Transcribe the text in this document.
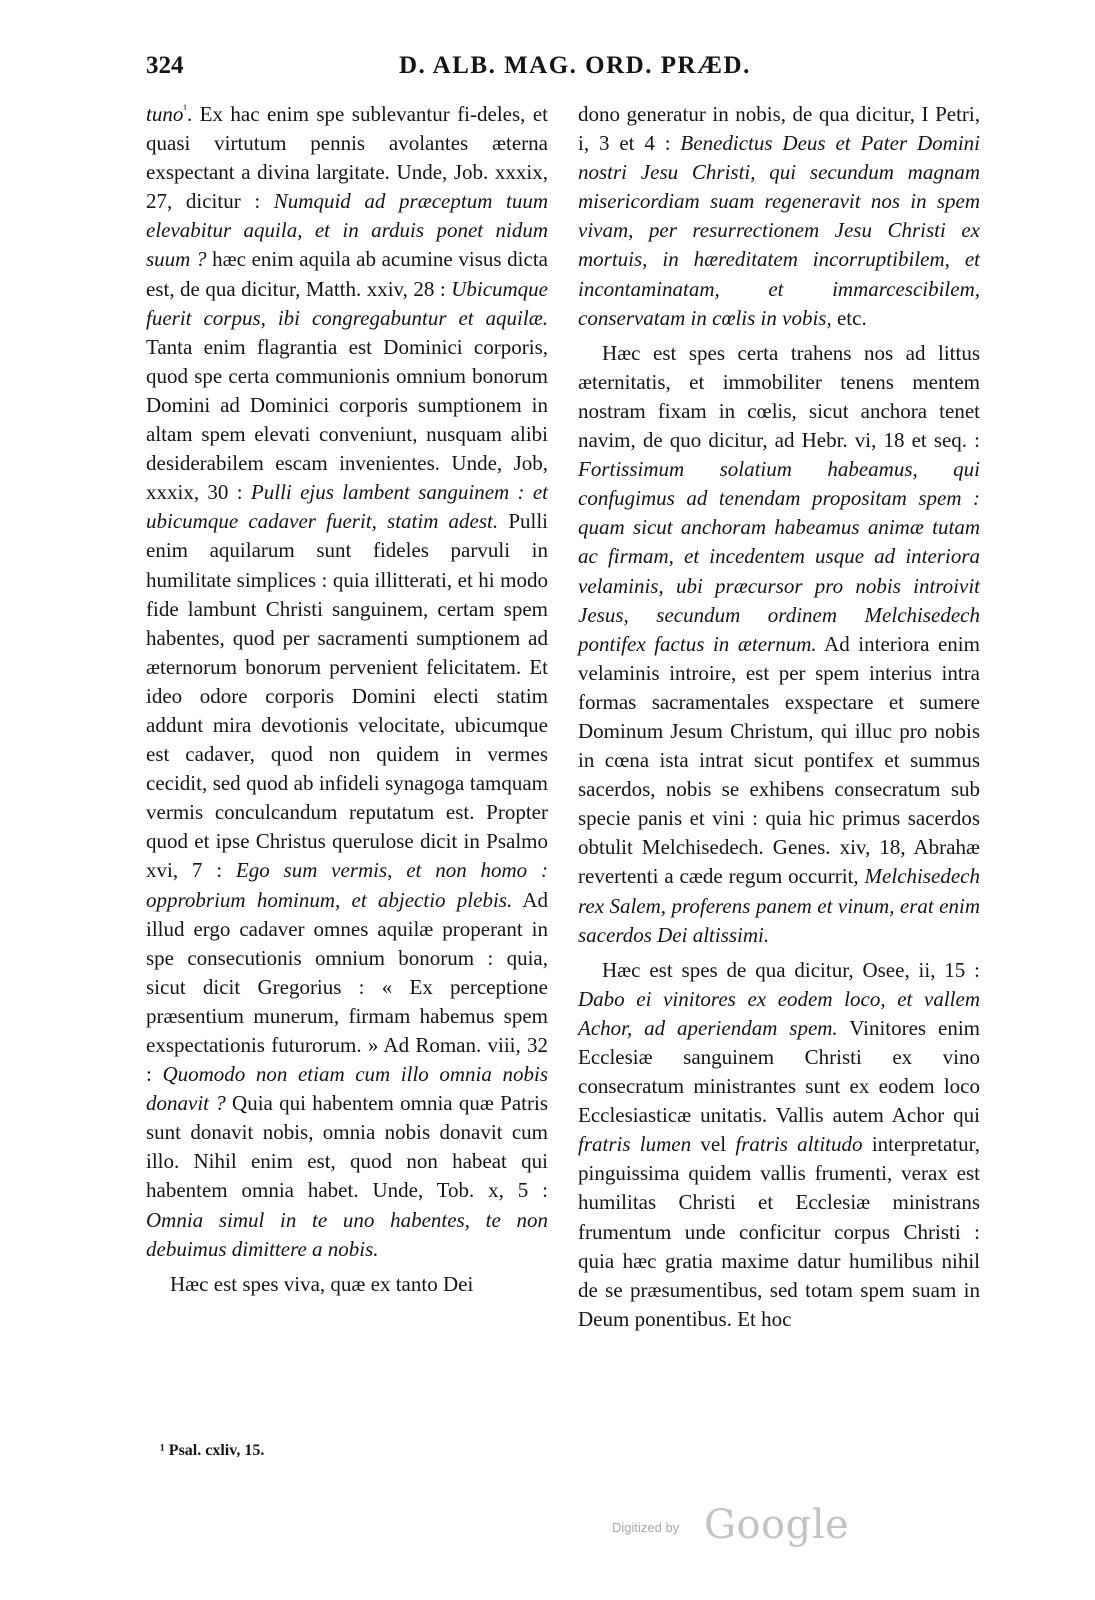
324	D. ALB. MAG. ORD. PRÆD.

tuno$^{^1}$. Ex hac enim spe sublevantur fi-deles, et quasi virtutum pennis avolantes æterna exspectant a divina largitate. Unde, Job. xxxix, 27, dicitur : Numquid ad præceptum tuum elevabitur aquila, et in arduis ponet nidum suum ? hæc enim aquila ab acumine visus dicta est, de qua dicitur, Matth. xxiv, 28 : Ubicumque fuerit corpus, ibi congregabuntur et aquilæ. Tanta enim flagrantia est Dominici corporis, quod spe certa communionis omnium bonorum Domini ad Dominici corporis sumptionem in altam spem elevati conveniunt, nusquam alibi desiderabilem escam invenientes. Unde, Job, xxxix, 30 : Pulli ejus lambent sanguinem : et ubicumque cadaver fuerit, statim adest. Pulli enim aquilarum sunt fideles parvuli in humilitate simplices : quia illitterati, et hi modo fide lambunt Christi sanguinem, certam spem habentes, quod per sacramenti sumptionem ad æternorum bonorum pervenient felicitatem. Et ideo odore corporis Domini electi statim addunt mira devotionis velocitate, ubicumque est cadaver, quod non quidem in vermes cecidit, sed quod ab infideli synagoga tamquam vermis conculcandum reputatum est. Propter quod et ipse Christus querulose dicit in Psalmo xvi, 7 : Ego sum vermis, et non homo : opprobrium hominum, et abjectio plebis. Ad illud ergo cadaver omnes aquilæ properant in spe consecutionis omnium bonorum : quia, sicut dicit Gregorius : « Ex perceptione præsentium munerum, firmam habemus spem exspectationis futurorum. » Ad Roman. viii, 32 : Quomodo non etiam cum illo omnia nobis donavit ? Quia qui habentem omnia quæ Patris sunt donavit nobis, omnia nobis donavit cum illo. Nihil enim est, quod non habeat qui habentem omnia habet. Unde, Tob. x, 5 : Omnia simul in te uno habentes, te non debuimus dimittere a nobis.

Hæc est spes viva, quæ ex tanto Dei

dono generatur in nobis, de qua dicitur, I Petri, i, 3 et 4 : Benedictus Deus et Pater Domini nostri Jesu Christi, qui secundum magnam misericordiam suam regeneravit nos in spem vivam, per resurrectionem Jesu Christi ex mortuis, in hæreditatem incorruptibilem, et incontaminatam, et immarcescibilem, conservatam in cœlis in vobis, etc.

Hæc est spes certa trahens nos ad littus æternitatis, et immobiliter tenens mentem nostram fixam in cœlis, sicut anchora tenet navim, de quo dicitur, ad Hebr. vi, 18 et seq. : Fortissimum solatium habeamus, qui confugimus ad tenendam propositam spem : quam sicut anchoram habeamus animæ tutam ac firmam, et incedentem usque ad interiora velaminis, ubi præcursor pro nobis introivit Jesus, secundum ordinem Melchisedech pontifex factus in æternum. Ad interiora enim velaminis introire, est per spem interius intra formas sacramentales exspectare et sumere Dominum Jesum Christum, qui illuc pro nobis in cœna ista intrat sicut pontifex et summus sacerdos, nobis se exhibens consecratum sub specie panis et vini : quia hic primus sacerdos obtulit Melchisedech. Genes. xiv, 18, Abrahæ revertenti a cæde regum occurrit, Melchisedech rex Salem, proferens panem et vinum, erat enim sacerdos Dei altissimi.

Hæc est spes de qua dicitur, Osee, ii, 15 : Dabo ei vinitores ex eodem loco, et vallem Achor, ad aperiendam spem. Vinitores enim Ecclesiæ sanguinem Christi ex vino consecratum ministrantes sunt ex eodem loco Ecclesiasticæ unitatis. Vallis autem Achor qui fratris lumen vel fratris altitudo interpretatur, pinguissima quidem vallis frumenti, verax est humilitas Christi et Ecclesiæ ministrans frumentum unde conficitur corpus Christi : quia hæc gratia maxime datur humilibus nihil de se præsumentibus, sed totam spem suam in Deum ponentibus. Et hoc

¹ Psal. cxliv, 15.
Digitized by Google
